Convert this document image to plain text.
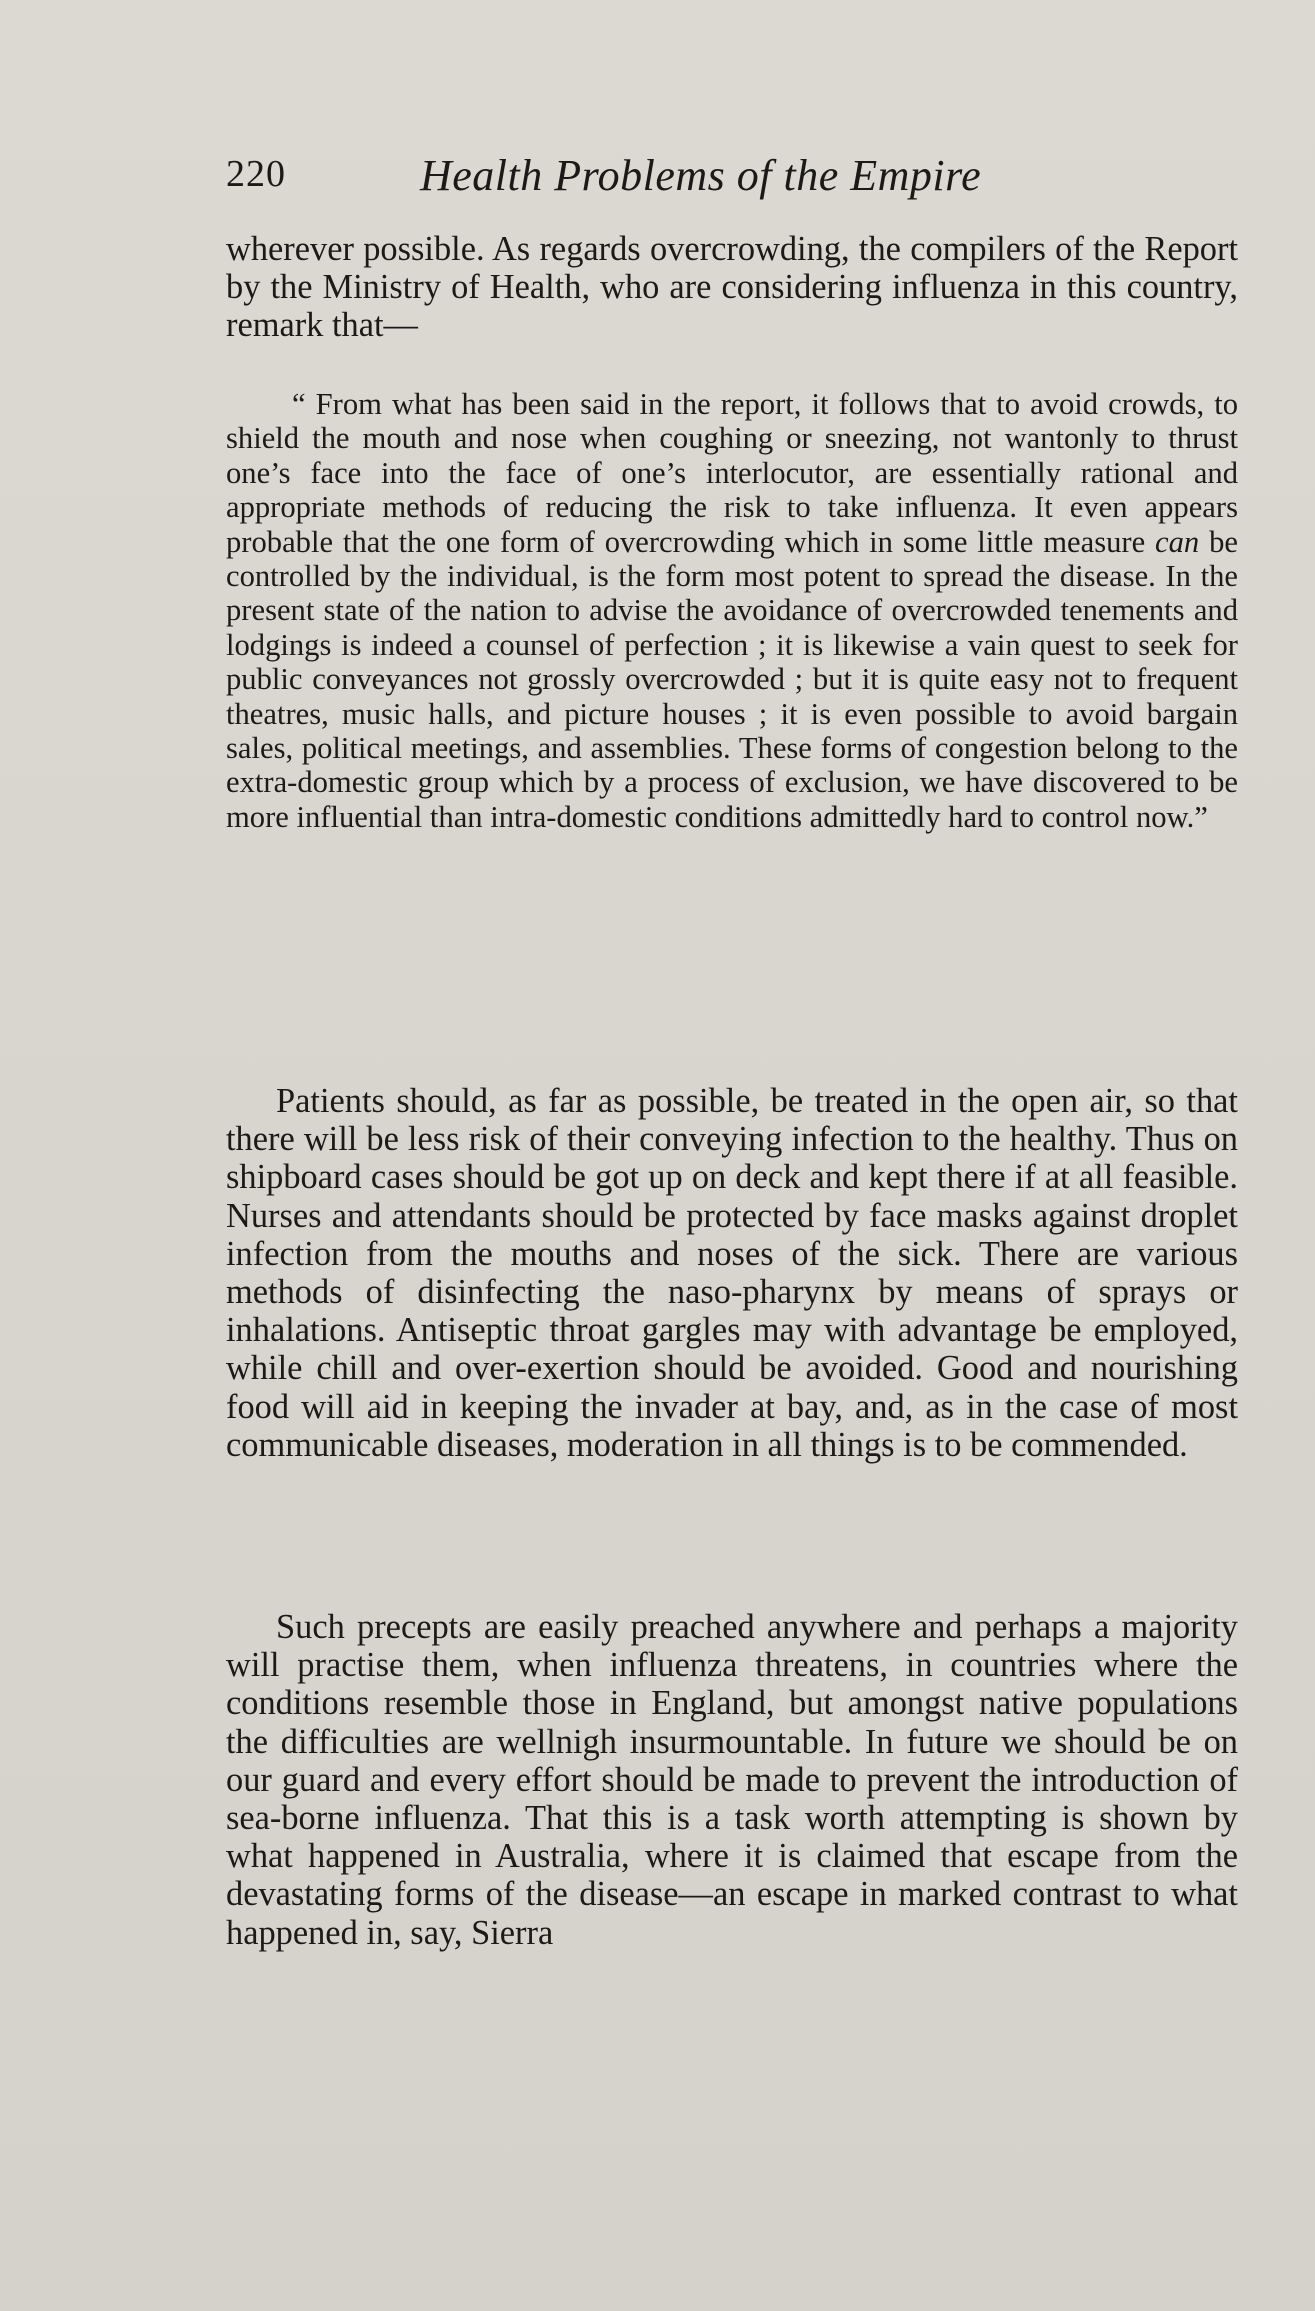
220	Health Problems of the Empire

wherever possible. As regards overcrowding, the compilers of the Report by the Ministry of Health, who are considering influenza in this country, remark that—

“ From what has been said in the report, it follows that to avoid crowds, to shield the mouth and nose when coughing or sneezing, not wantonly to thrust one’s face into the face of one’s interlocutor, are essentially rational and appropriate methods of reducing the risk to take influenza. It even appears probable that the one form of overcrowding which in some little measure can be controlled by the individual, is the form most potent to spread the disease. In the present state of the nation to advise the avoidance of overcrowded tenements and lodgings is indeed a counsel of perfection ; it is likewise a vain quest to seek for public conveyances not grossly overcrowded ; but it is quite easy not to frequent theatres, music halls, and picture houses ; it is even possible to avoid bargain sales, political meetings, and assemblies. These forms of congestion belong to the extra-domestic group which by a process of exclusion, we have discovered to be more influential than intra-domestic conditions admittedly hard to control now.”

Patients should, as far as possible, be treated in the open air, so that there will be less risk of their conveying infection to the healthy. Thus on shipboard cases should be got up on deck and kept there if at all feasible. Nurses and attendants should be protected by face masks against droplet infection from the mouths and noses of the sick. There are various methods of disinfecting the naso-pharynx by means of sprays or inhalations. Antiseptic throat gargles may with advantage be employed, while chill and over-exertion should be avoided. Good and nourishing food will aid in keeping the invader at bay, and, as in the case of most communicable diseases, moderation in all things is to be commended.

Such precepts are easily preached anywhere and perhaps a majority will practise them, when influenza threatens, in countries where the conditions resemble those in England, but amongst native populations the difficulties are wellnigh insurmountable. In future we should be on our guard and every effort should be made to prevent the introduction of sea-borne influenza. That this is a task worth attempting is shown by what happened in Australia, where it is claimed that escape from the devastating forms of the disease—an escape in marked contrast to what happened in, say, Sierra
